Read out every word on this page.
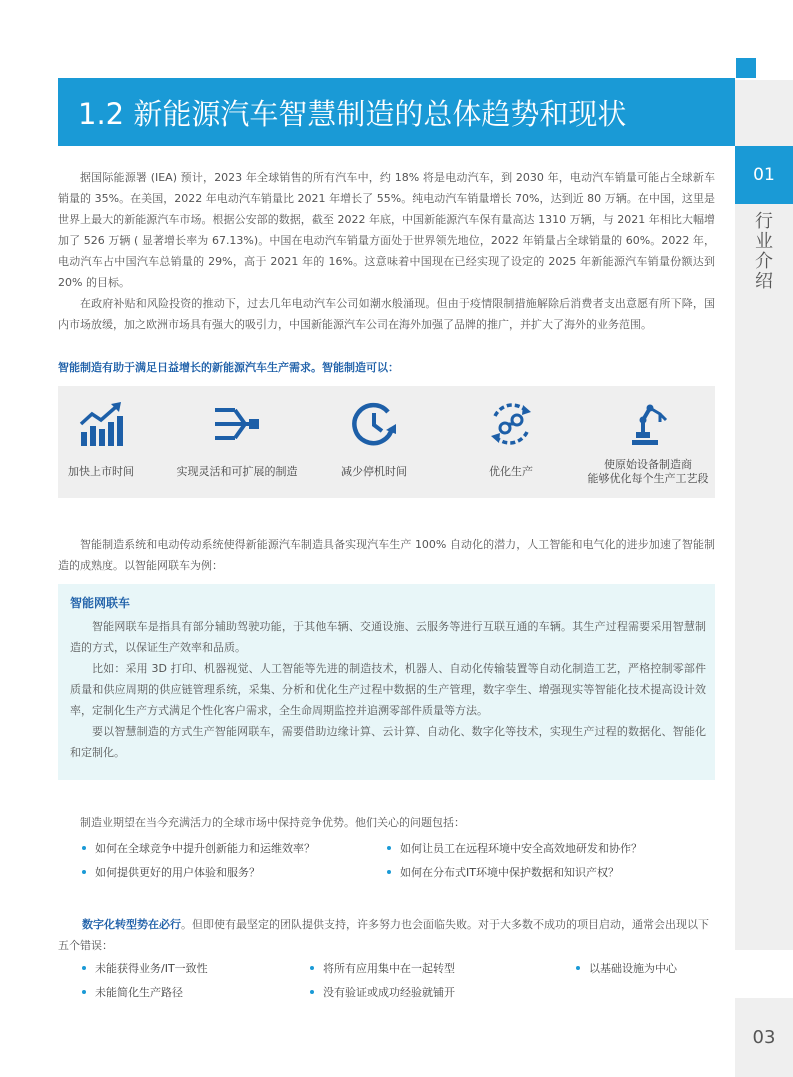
01
行
业
介
绍
03
1.2 新能源汽车智慧制造的总体趋势和现状

据国际能源署 (IEA) 预计，2023 年全球销售的所有汽车中，约 18% 将是电动汽车，到 2030 年，电动汽车销量可能占全球新车销量的 35%。在美国，2022 年电动汽车销量比 2021 年增长了 55%。纯电动汽车销量增长 70%，达到近 80 万辆。在中国，这里是世界上最大的新能源汽车市场。根据公安部的数据，截至 2022 年底，中国新能源汽车保有量高达 1310 万辆，与 2021 年相比大幅增加了 526 万辆 ( 显著增长率为 67.13%)。中国在电动汽车销量方面处于世界领先地位，2022 年销量占全球销量的 60%。2022 年，电动汽车占中国汽车总销量的 29%，高于 2021 年的 16%。这意味着中国现在已经实现了设定的 2025 年新能源汽车销量份额达到 20% 的目标。

在政府补贴和风险投资的推动下，过去几年电动汽车公司如潮水般涌现。但由于疫情限制措施解除后消费者支出意愿有所下降，国内市场放缓，加之欧洲市场具有强大的吸引力，中国新能源汽车公司在海外加强了品牌的推广，并扩大了海外的业务范围。

智能制造有助于满足日益增长的新能源汽车生产需求。智能制造可以：
加快上市时间	实现灵活和可扩展的制造	减少停机时间	优化生产
使原始设备制造商
能够优化每个生产工艺段

智能制造系统和电动传动系统使得新能源汽车制造具备实现汽车生产 100% 自动化的潜力，人工智能和电气化的进步加速了智能制造的成熟度。以智能网联车为例：

智能网联车

智能网联车是指具有部分辅助驾驶功能，于其他车辆、交通设施、云服务等进行互联互通的车辆。其生产过程需要采用智慧制造的方式，以保证生产效率和品质。

比如：采用 3D 打印、机器视觉、人工智能等先进的制造技术，机器人、自动化传输装置等自动化制造工艺，严格控制零部件质量和供应周期的供应链管理系统，采集、分析和优化生产过程中数据的生产管理，数字孪生、增强现实等智能化技术提高设计效率，定制化生产方式满足个性化客户需求，全生命周期监控并追溯零部件质量等方法。

要以智慧制造的方式生产智能网联车，需要借助边缘计算、云计算、自动化、数字化等技术，实现生产过程的数据化、智能化和定制化。

制造业期望在当今充满活力的全球市场中保持竞争优势。他们关心的问题包括：
如何在全球竞争中提升创新能力和运维效率？	如何让员工在远程环境中安全高效地研发和协作？
如何提供更好的用户体验和服务？	如何在分布式IT环境中保护数据和知识产权？

数字化转型势在必行。但即使有最坚定的团队提供支持，许多努力也会面临失败。对于大多数不成功的项目启动，通常会出现以下五个错误：

未能获得业务/IT一致性	将所有应用集中在一起转型	以基础设施为中心
未能简化生产路径	没有验证或成功经验就铺开
